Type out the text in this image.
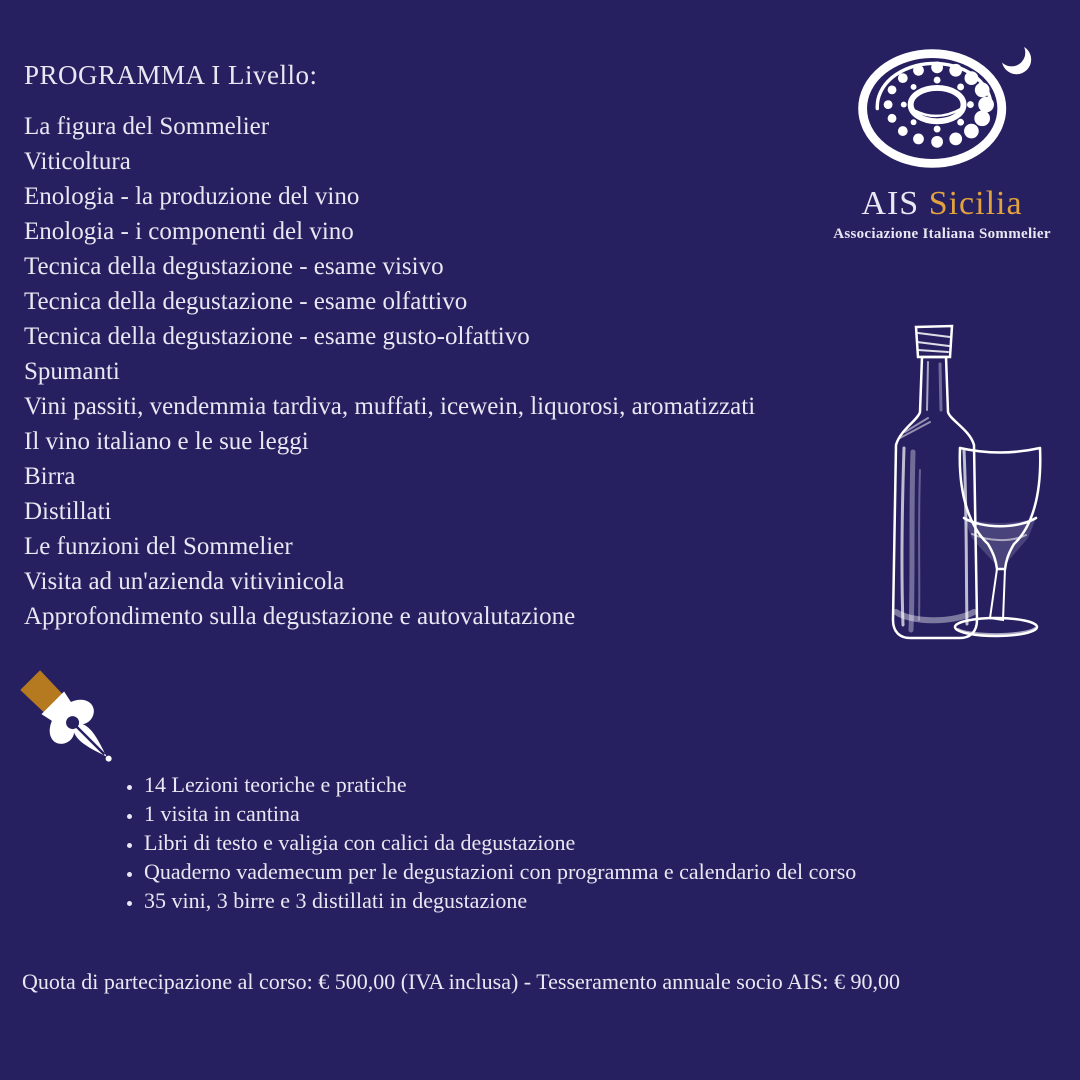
PROGRAMMA I Livello:
La figura del Sommelier
Viticoltura
Enologia - la produzione del vino
Enologia - i componenti del vino
Tecnica della degustazione - esame visivo
Tecnica della degustazione - esame olfattivo
Tecnica della degustazione - esame gusto-olfattivo
Spumanti
Vini passiti, vendemmia tardiva, muffati, icewein, liquorosi, aromatizzati
Il vino italiano e le sue leggi
Birra
Distillati
Le funzioni del Sommelier
Visita ad un'azienda vitivinicola
Approfondimento sulla degustazione e autovalutazione
AIS Sicilia
Associazione Italiana Sommelier
• 14 Lezioni teoriche e pratiche
• 1 visita in cantina
• Libri di testo e valigia con calici da degustazione
• Quaderno vademecum per le degustazioni con programma e calendario del corso
• 35 vini, 3 birre e 3 distillati in degustazione
Quota di partecipazione al corso: € 500,00 (IVA inclusa) - Tesseramento annuale socio AIS: € 90,00
